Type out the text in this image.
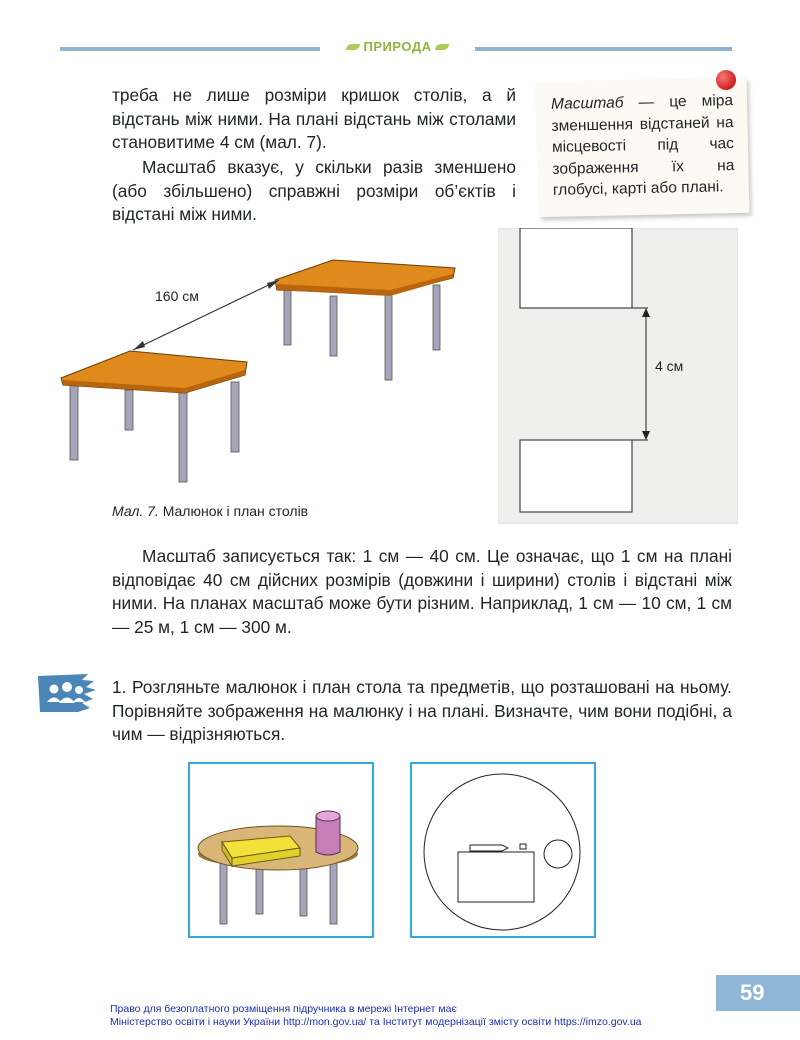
ПРИРОДА
треба не лише розміри кришок столів, а й відстань між ними. На плані відстань між столами становитиме 4 см (мал. 7).
Масштаб вказує, у скільки разів зменшено (або збільшено) справжні розміри об’єктів і відстані між ними.
Масштаб — це міра зменшення відстаней на місцевості під час зображення їх на глобусі, карті або плані.
160 см
4 см
Мал. 7. Малюнок і план столів
Масштаб записується так: 1 см — 40 см. Це означає, що 1 см на плані відповідає 40 см дійсних розмірів (довжини і ширини) столів і відстані між ними. На планах масштаб може бути різним. Наприклад, 1 см — 10 см, 1 см — 25 м, 1 см — 300 м.
1. Розгляньте малюнок і план стола та предметів, що розташовані на ньому. Порівняйте зображення на малюнку і на плані. Визначте, чим вони подібні, а чим — відрізняються.
59
Право для безоплатного розміщення підручника в мережі Інтернет має
Міністерство освіти і науки України http://mon.gov.ua/ та Інститут модернізації змісту освіти https://imzo.gov.ua
